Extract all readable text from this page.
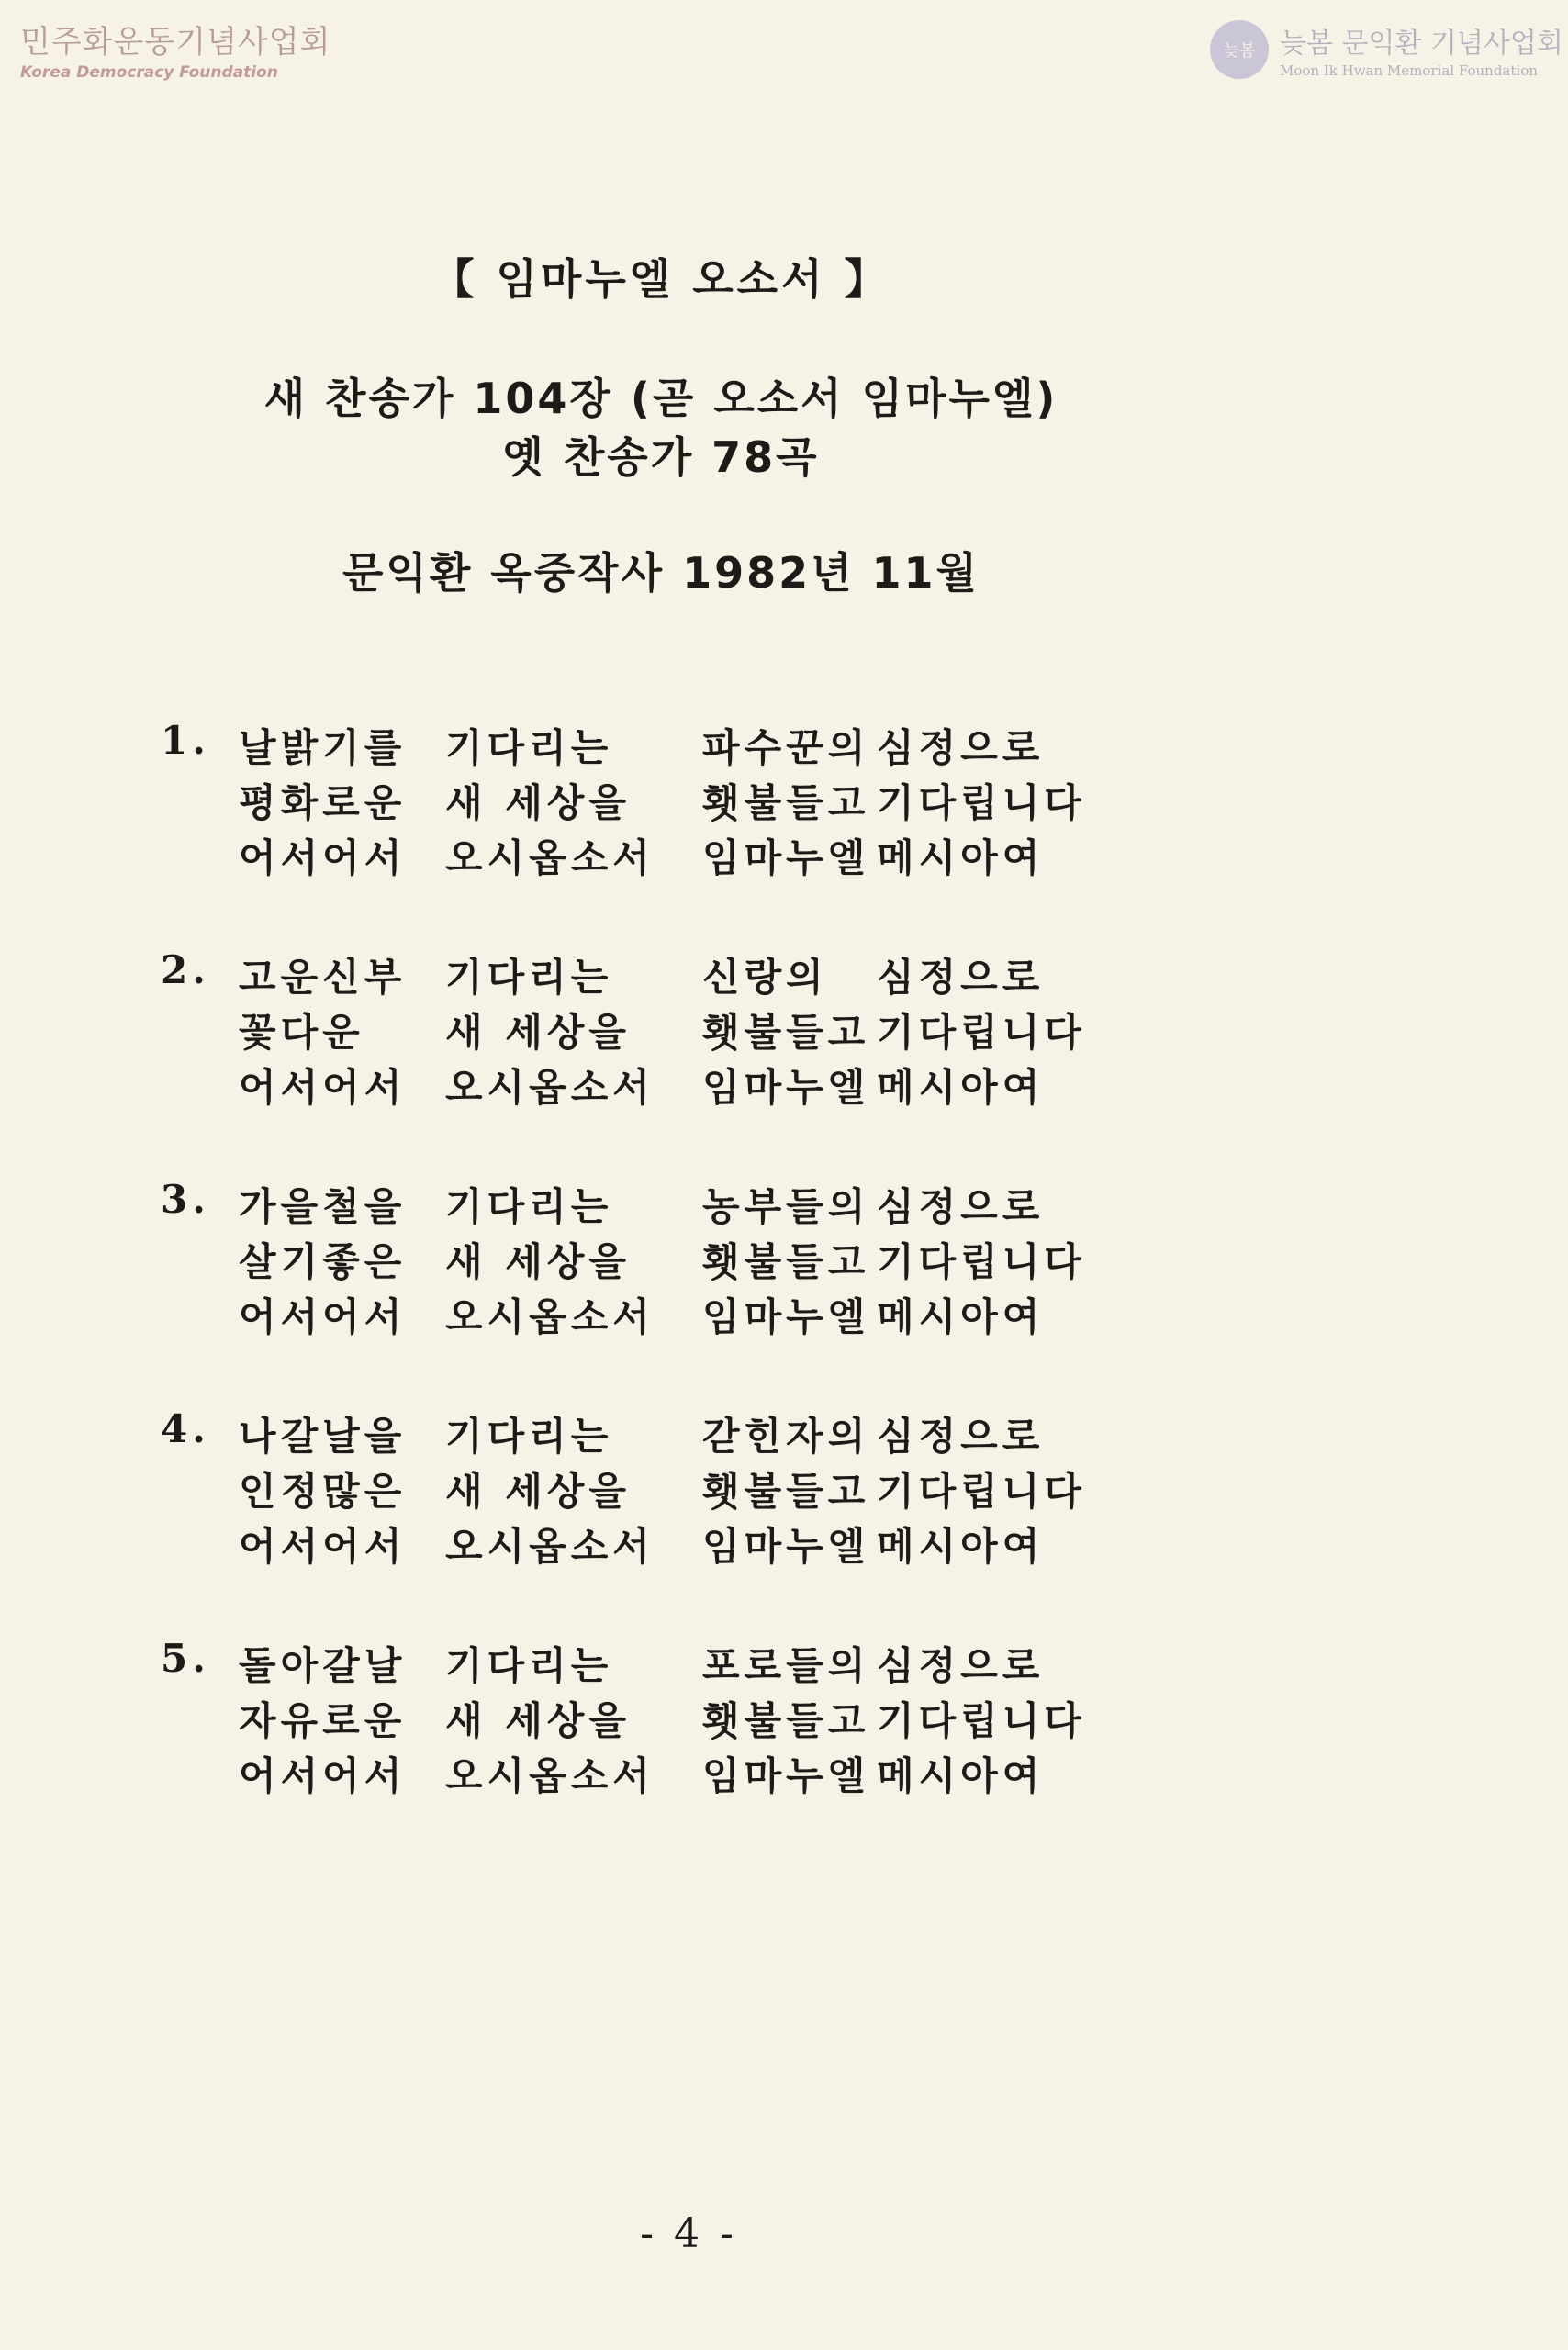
민주화운동기념사업회
Korea Democracy Foundation
늦봄 늦봄 문익환 기념사업회
Moon Ik Hwan Memorial Foundation
【 임마누엘 오소서 】
새 찬송가 104장 (곧 오소서 임마누엘)
옛 찬송가 78곡
문익환 옥중작사 1982년 11월
1. 날밝기를 기다리는 파수꾼의 심정으로
평화로운 새 세상을 횃불들고 기다립니다
어서어서 오시옵소서 임마누엘 메시아여
2. 고운신부 기다리는 신랑의 심정으로
꽃다운 새 세상을 횃불들고 기다립니다
어서어서 오시옵소서 임마누엘 메시아여
3. 가을철을 기다리는 농부들의 심정으로
살기좋은 새 세상을 횃불들고 기다립니다
어서어서 오시옵소서 임마누엘 메시아여
4. 나갈날을 기다리는 갇힌자의 심정으로
인정많은 새 세상을 횃불들고 기다립니다
어서어서 오시옵소서 임마누엘 메시아여
5. 돌아갈날 기다리는 포로들의 심정으로
자유로운 새 세상을 횃불들고 기다립니다
어서어서 오시옵소서 임마누엘 메시아여
- 4 -
